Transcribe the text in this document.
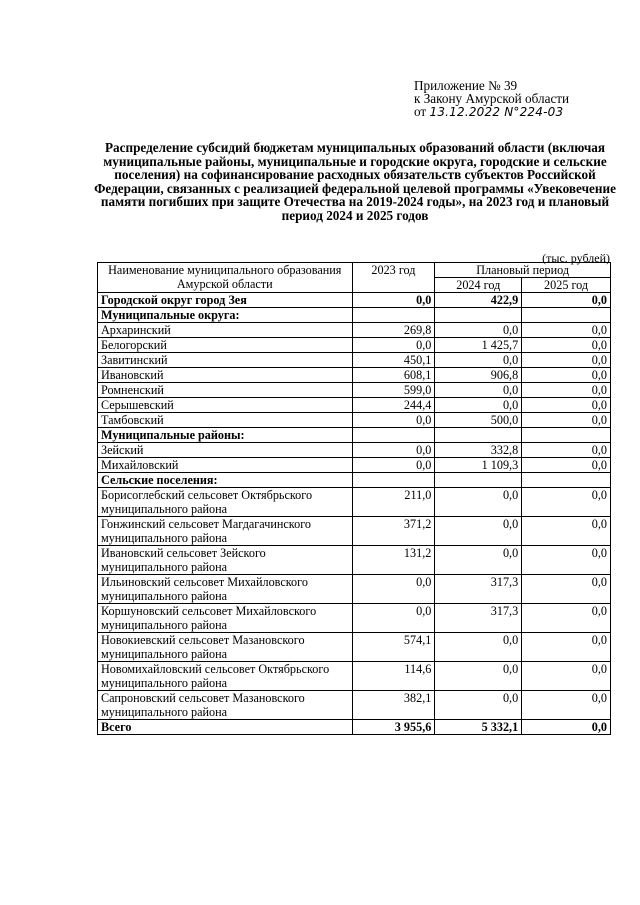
Приложение № 39
к Закону Амурской области
от 13.12.2022 N°224-03
Распределение субсидий бюджетам муниципальных образований области (включая муниципальные районы, муниципальные и городские округа, городские и сельские поселения) на софинансирование расходных обязательств субъектов Российской Федерации, связанных с реализацией федеральной целевой программы «Увековечение памяти погибших при защите Отечества на 2019-2024 годы», на 2023 год и плановый период 2024 и 2025 годов
(тыс. рублей)
Наименование муниципального образования Амурской области	2023 год	Плановый период	
		2024 год	2025 год
Городской округ город Зея	0,0	422,9	0,0
Муниципальные округа:			
Архаринский	269,8	0,0	0,0
Белогорский	0,0	1 425,7	0,0
Завитинский	450,1	0,0	0,0
Ивановский	608,1	906,8	0,0
Ромненский	599,0	0,0	0,0
Серышевский	244,4	0,0	0,0
Тамбовский	0,0	500,0	0,0
Муниципальные районы:			
Зейский	0,0	332,8	0,0
Михайловский	0,0	1 109,3	0,0
Сельские поселения:			
Борисоглебский сельсовет Октябрьского муниципального района	211,0	0,0	0,0
Гонжинский сельсовет Магдагачинского муниципального района	371,2	0,0	0,0
Ивановский сельсовет Зейского муниципального района	131,2	0,0	0,0
Ильиновский сельсовет Михайловского муниципального района	0,0	317,3	0,0
Коршуновский сельсовет Михайловского муниципального района	0,0	317,3	0,0
Новокиевский сельсовет Мазановского муниципального района	574,1	0,0	0,0
Новомихайловский сельсовет Октябрьского муниципального района	114,6	0,0	0,0
Сапроновский сельсовет Мазановского муниципального района	382,1	0,0	0,0
Всего	3 955,6	5 332,1	0,0
